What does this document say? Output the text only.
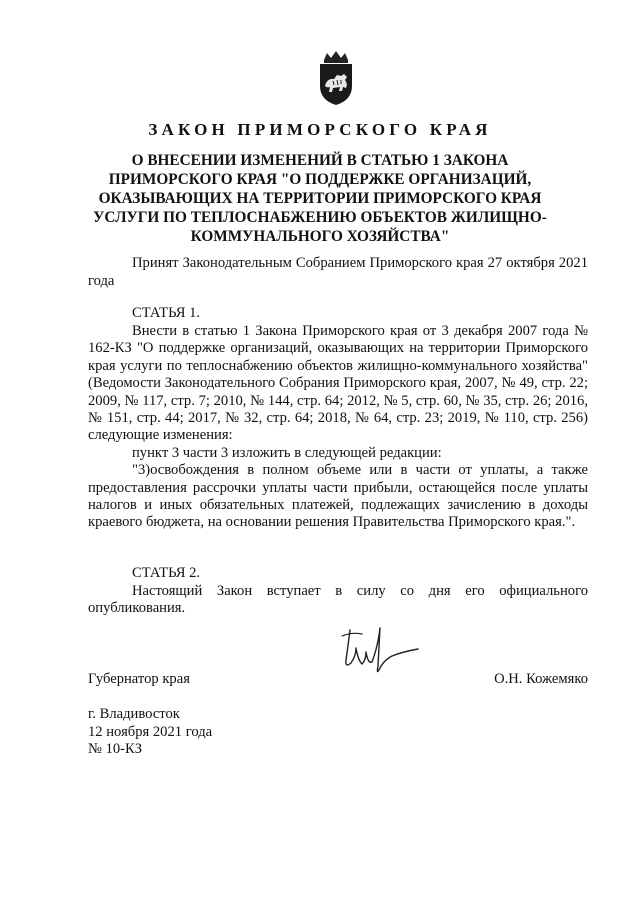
ЗАКОН ПРИМОРСКОГО КРАЯ
О ВНЕСЕНИИ ИЗМЕНЕНИЙ В СТАТЬЮ 1 ЗАКОНА
ПРИМОРСКОГО КРАЯ "О ПОДДЕРЖКЕ ОРГАНИЗАЦИЙ,
ОКАЗЫВАЮЩИХ НА ТЕРРИТОРИИ ПРИМОРСКОГО КРАЯ
УСЛУГИ ПО ТЕПЛОСНАБЖЕНИЮ ОБЪЕКТОВ ЖИЛИЩНО-
КОММУНАЛЬНОГО ХОЗЯЙСТВА"
Принят Законодательным Собранием Приморского края 27 октября 2021 года
СТАТЬЯ 1.

Внести в статью 1 Закона Приморского края от 3 декабря 2007 года № 162-КЗ "О поддержке организаций, оказывающих на территории Приморского края услуги по теплоснабжению объектов жилищно-коммунального хозяйства" (Ведомости Законодательного Собрания Приморского края, 2007, № 49, стр. 22; 2009, № 117, стр. 7; 2010, № 144, стр. 64; 2012, № 5, стр. 60, № 35, стр. 26; 2016, № 151, стр. 44; 2017, № 32, стр. 64; 2018, № 64, стр. 23; 2019, № 110, стр. 256) следующие изменения:

пункт 3 части 3 изложить в следующей редакции:

"3)освобождения в полном объеме или в части от уплаты, а также предоставления рассрочки уплаты части прибыли, остающейся после уплаты налогов и иных обязательных платежей, подлежащих зачислению в доходы краевого бюджета, на основании решения Правительства Приморского края.".

СТАТЬЯ 2.

Настоящий Закон вступает в силу со дня его официального опубликования.

Губернатор края	О.Н. Кожемяко
г. Владивосток
12 ноября 2021 года
№ 10-КЗ
